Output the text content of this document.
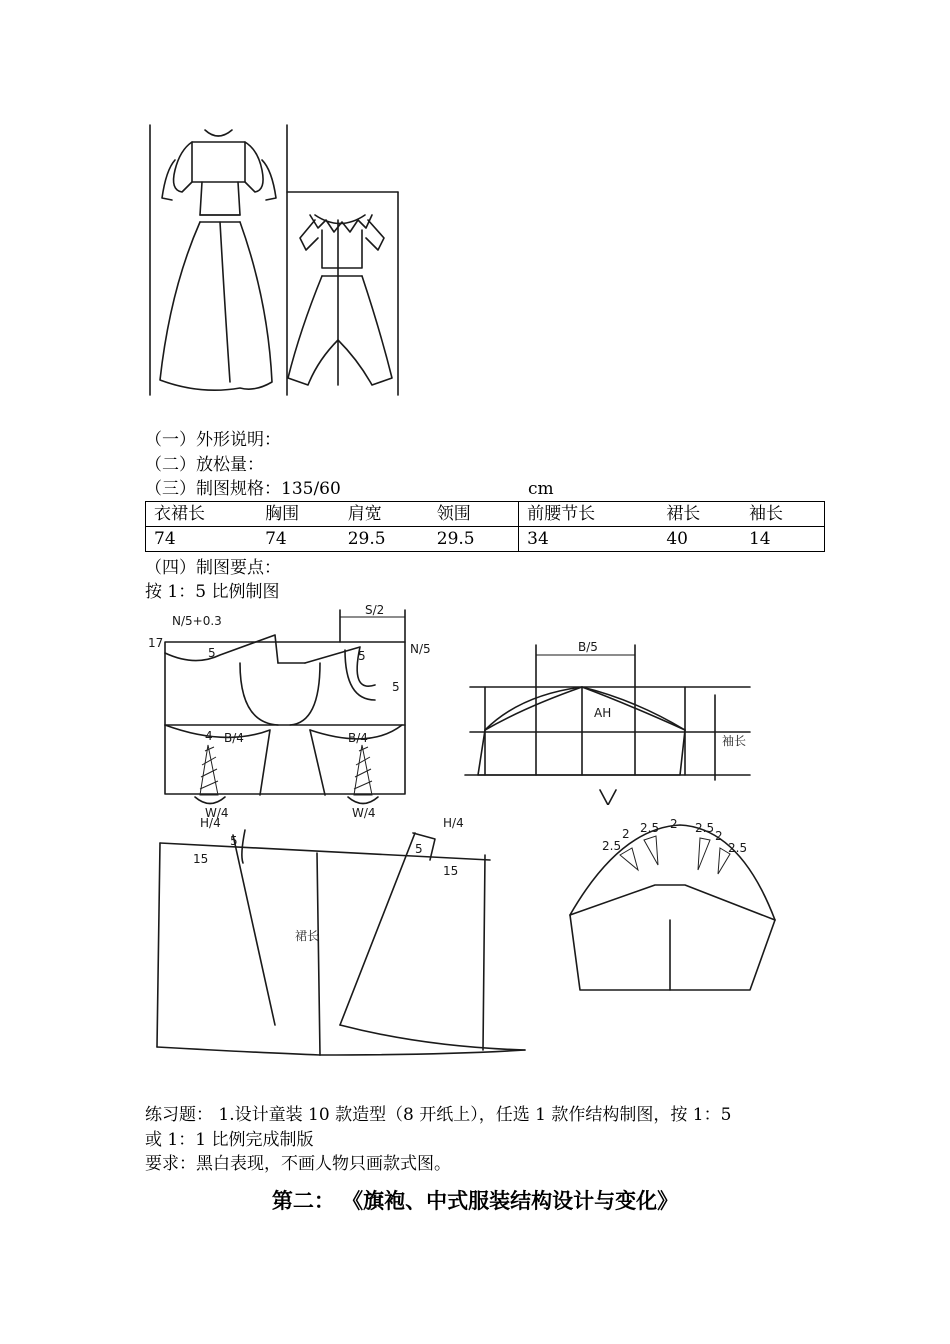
（一）外形说明：
（二）放松量：
（三）制图规格：135/60	cm
衣裙长	胸围	肩宽	领围	前腰节长	裙长	袖长
74	74	29.5	29.5	34	40	14
（四）制图要点：
按 1：5 比例制图
N/5+0.3
17
S/2
N/5
5	5
5
4 B/4	B/4
W/4	W/4
B/5
AH
袖长
2.5
2 2.5 2 2.5
2
2.5
H/4	H/4
15
15
5
5
裙长
练习题： 1.设计童装 10 款造型（8 开纸上），任选 1 款作结构制图，按 1：5
或 1：1 比例完成制版
要求：黑白表现，不画人物只画款式图。
第二： 《旗袍、中式服装结构设计与变化》
